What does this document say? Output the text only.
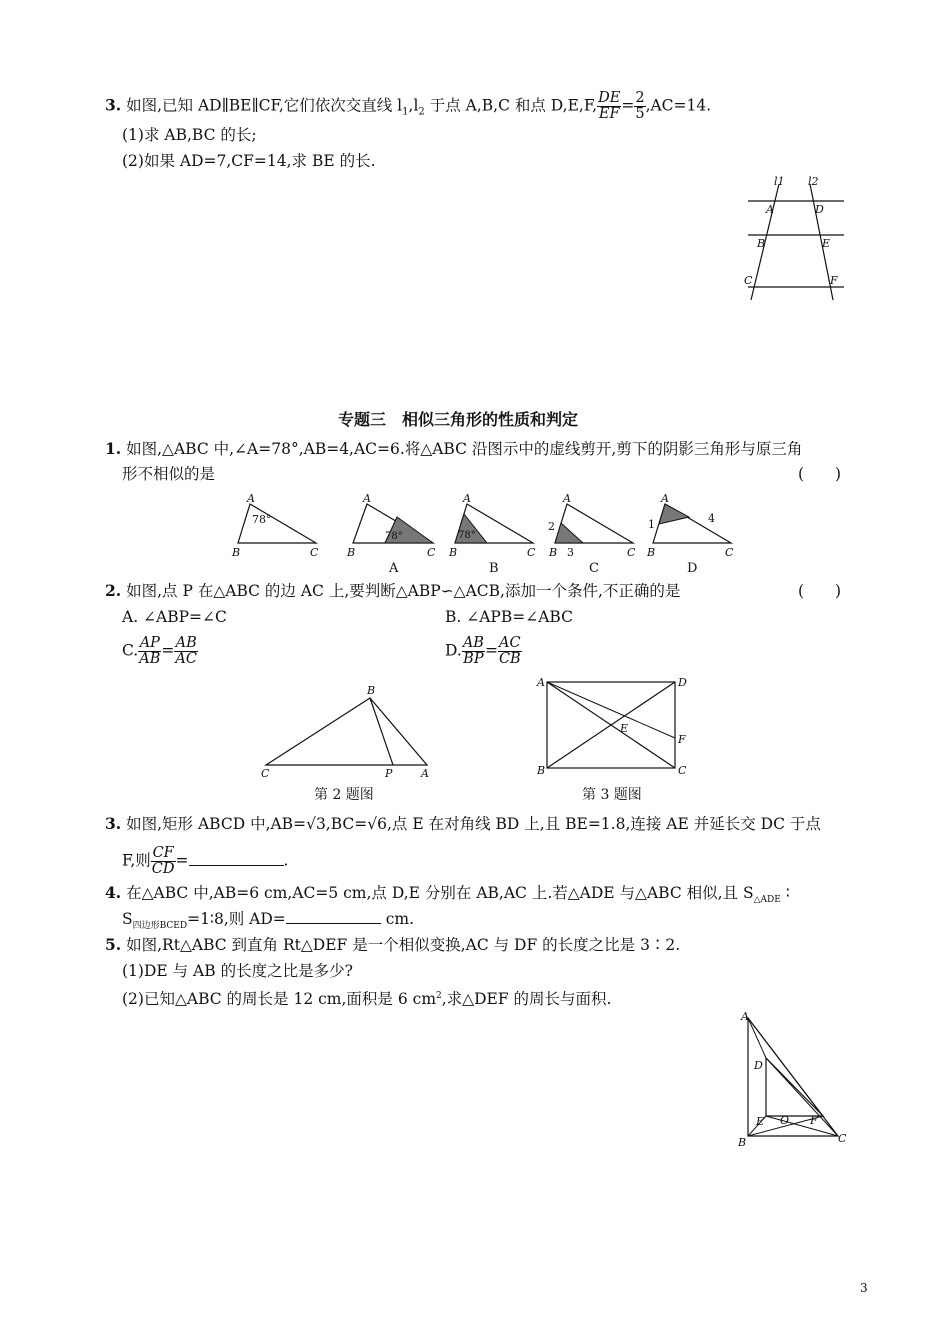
3. 如图,已知 AD∥BE∥CF,它们依次交直线 $l_1,l_2$ 于点 A,B,C 和点 D,E,F, $\frac{DE}{EF} = \frac{2}{5} ,AC=14$.
(1)求 AB,BC 的长;
(2)如果 AD=7,CF=14,求 BE 的长.
l1 l2
A	D
B	E
C	F
专题三　相似三角形的性质和判定
1. 如图,△ABC 中,∠A=78°,AB=4,AC=6.将△ABC 沿图示中的虚线剪开,剪下的阴影三角形与原三角
形不相似的是	(　　)
A
B	C
78°
78°
A
B	C
A
78°
A
B	C
B
A
2
B 3	C
C
A
1	4
B	C
D
2. 如图,点 P 在△ABC 的边 AC 上,要判断△ABP∽△ACB,添加一个条件,不正确的是	(　　)
A. ∠ABP=∠C	B. ∠APB=∠ABC
C. $\frac{AP}{AB} = \frac{AB}{AC}$	D. $\frac{AB}{BP} = \frac{AC}{CB}$
B
C	P	A
第 2 题图
A	D
E
F
B	C
第 3 题图
3. 如图,矩形 ABCD 中,AB=√3,BC=√6,点 E 在对角线 BD 上,且 BE=1.8,连接 AE 并延长交 DC 于点
F,则 $\frac{CF}{CD}$ =	.
4. 在△ABC 中,AB=6 cm,AC=5 cm,点 D,E 分别在 AB,AC 上.若△ADE 与△ABC 相似,且 $S_{\triangle ADE}$ ∶
$S_{四边形BCED}=1∶8$,则 AD=	cm.
5. 如图,Rt△ABC 到直角 Rt△DEF 是一个相似变换,AC 与 DF 的长度之比是 3∶2.
(1)DE 与 AB 的长度之比是多少?
(2)已知△ABC 的周长是 12 cm,面积是 6 $cm^2$,求△DEF 的周长与面积.
A
D
E O F
B	C
3
